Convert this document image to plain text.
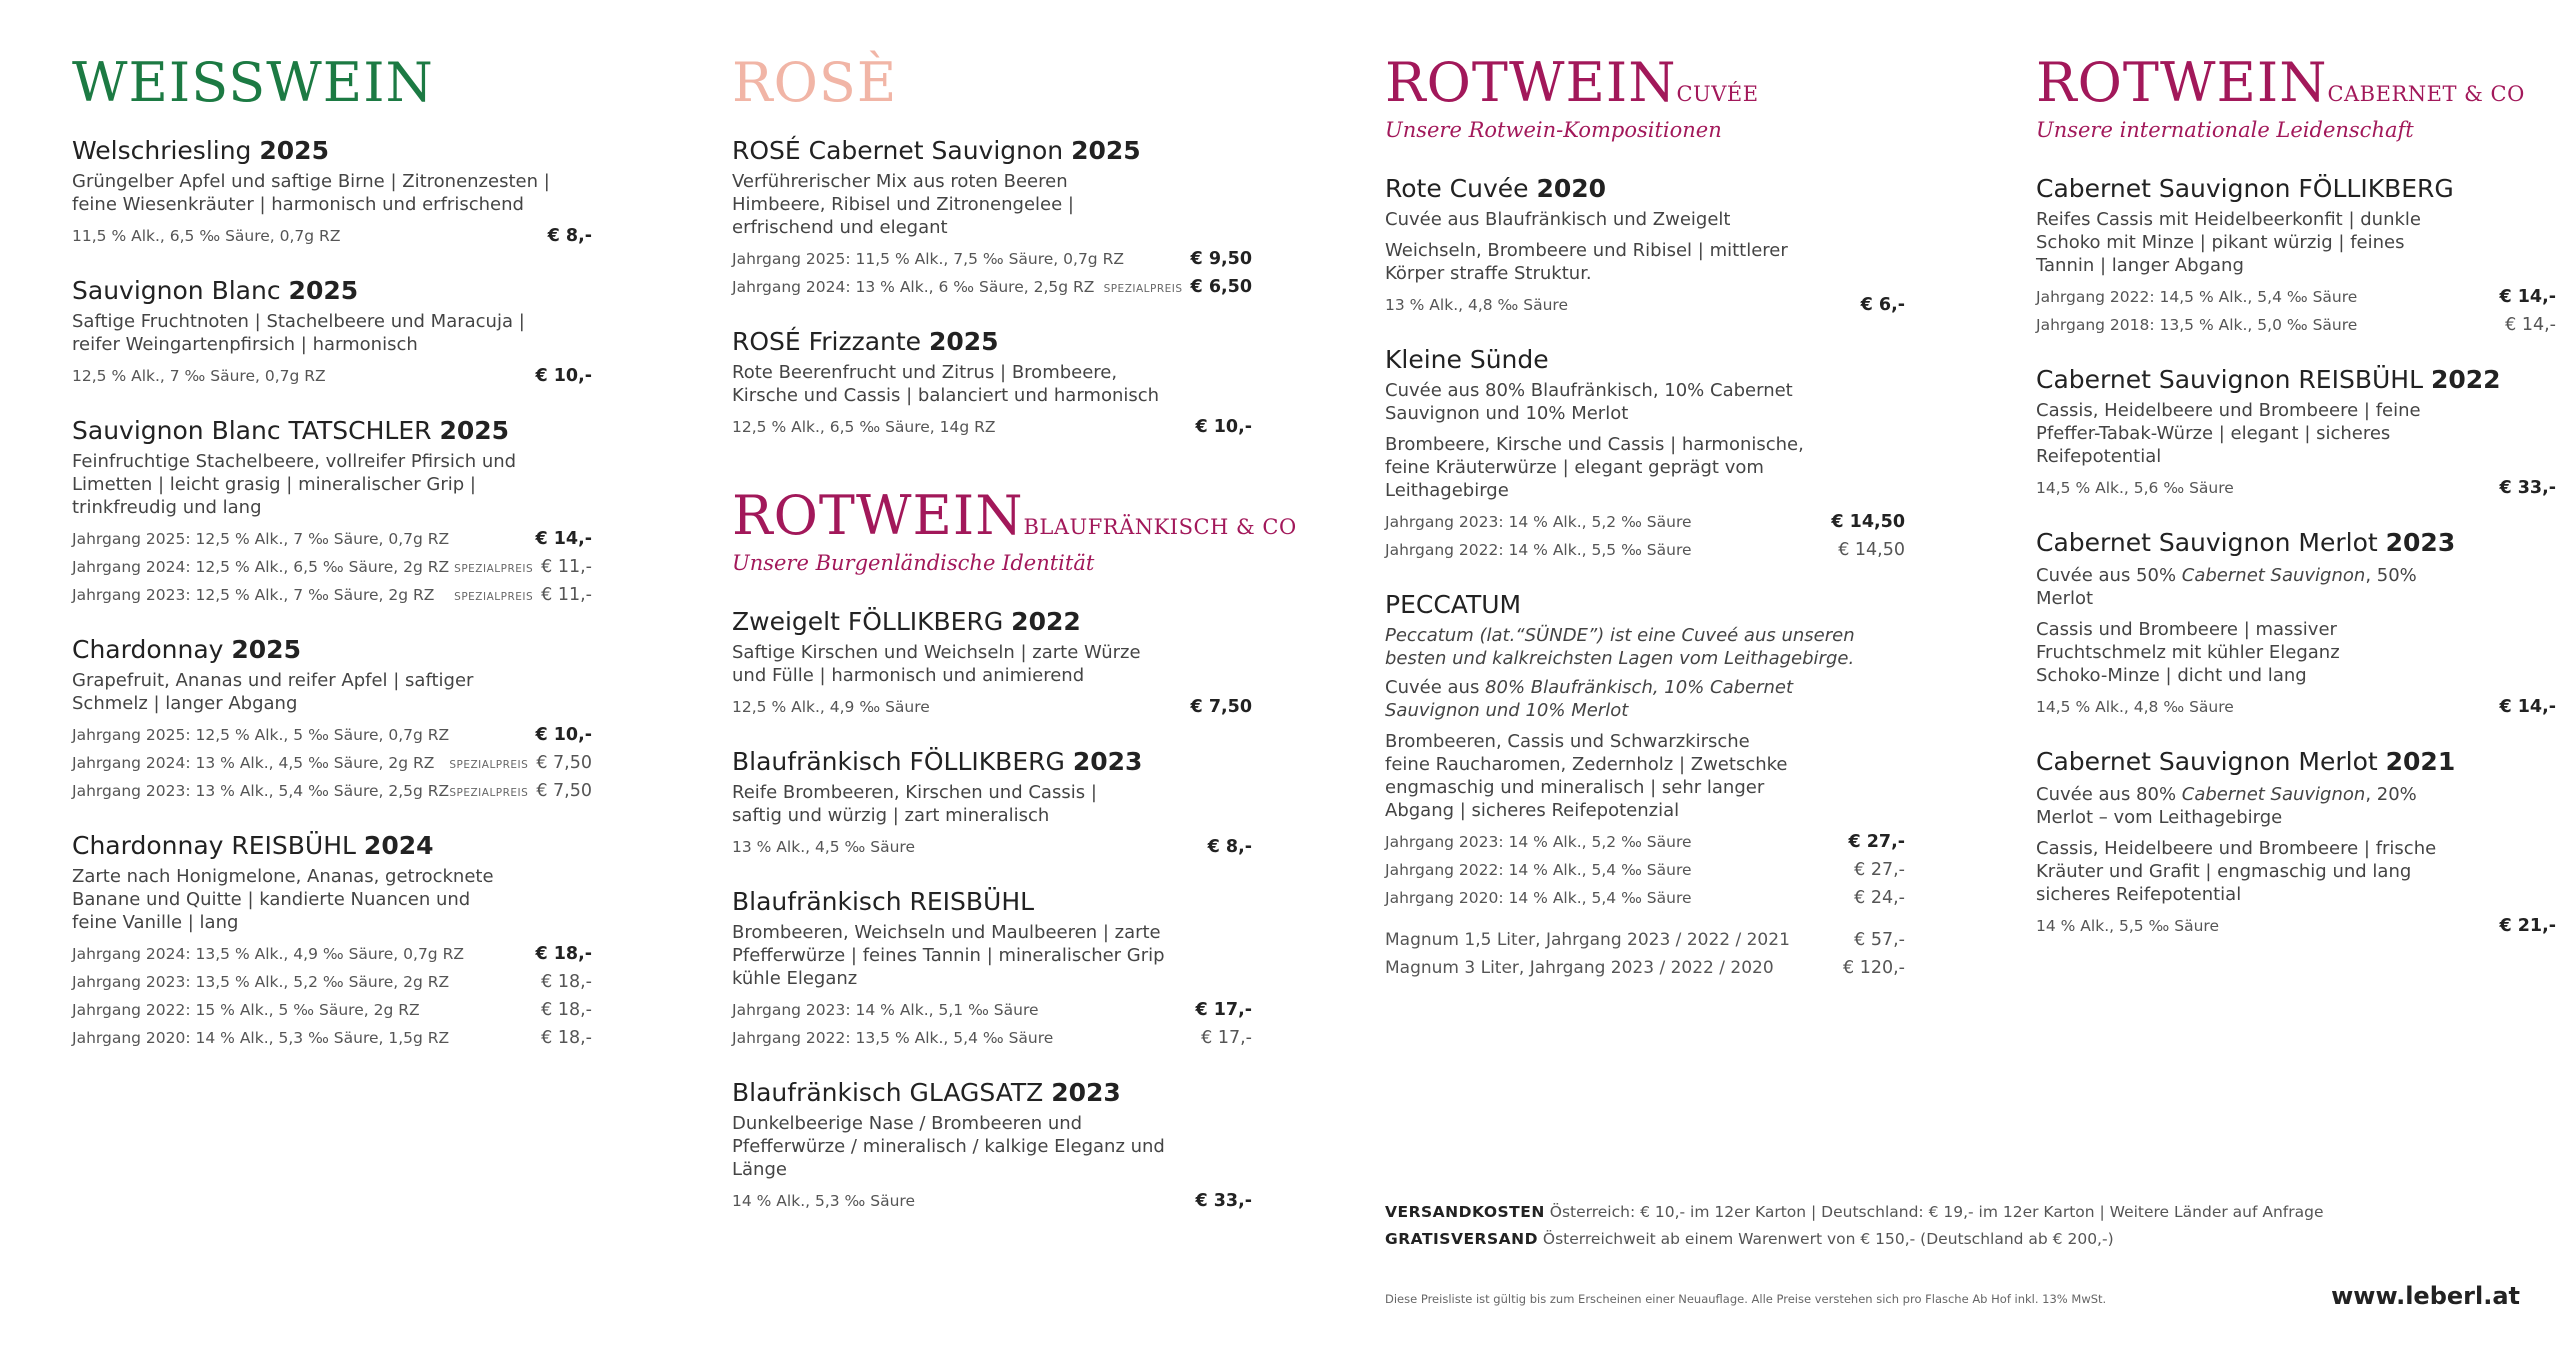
WEISSWEIN
Welschriesling 2025
Grüngelber Apfel und saftige Birne | Zitronenzesten |
feine Wiesenkräuter | harmonisch und erfrischend
11,5 % Alk., 6,5 ‰ Säure, 0,7g RZ	€ 8,-
Sauvignon Blanc 2025
Saftige Fruchtnoten | Stachelbeere und Maracuja |
reifer Weingartenpfirsich | harmonisch
12,5 % Alk., 7 ‰ Säure, 0,7g RZ	€ 10,-
Sauvignon Blanc TATSCHLER 2025
Feinfruchtige Stachelbeere, vollreifer Pfirsich und
Limetten | leicht grasig | mineralischer Grip |
trinkfreudig und lang
Jahrgang 2025: 12,5 % Alk., 7 ‰ Säure, 0,7g RZ	€ 14,-
Jahrgang 2024: 12,5 % Alk., 6,5 ‰ Säure, 2g RZ SPEZIALPREIS € 11,-
Jahrgang 2023: 12,5 % Alk., 7 ‰ Säure, 2g RZ SPEZIALPREIS € 11,-
Chardonnay 2025
Grapefruit, Ananas und reifer Apfel | saftiger
Schmelz | langer Abgang
Jahrgang 2025: 12,5 % Alk., 5 ‰ Säure, 0,7g RZ	€ 10,-
Jahrgang 2024: 13 % Alk., 4,5 ‰ Säure, 2g RZ SPEZIALPREIS € 7,50
Jahrgang 2023: 13 % Alk., 5,4 ‰ Säure, 2,5g RZ SPEZIALPREIS € 7,50
Chardonnay REISBÜHL 2024
Zarte nach Honigmelone, Ananas, getrocknete
Banane und Quitte | kandierte Nuancen und
feine Vanille | lang
Jahrgang 2024: 13,5 % Alk., 4,9 ‰ Säure, 0,7g RZ	€ 18,-
Jahrgang 2023: 13,5 % Alk., 5,2 ‰ Säure, 2g RZ	€ 18,-
Jahrgang 2022: 15 % Alk., 5 ‰ Säure, 2g RZ	€ 18,-
Jahrgang 2020: 14 % Alk., 5,3 ‰ Säure, 1,5g RZ	€ 18,-
ROSÈ
ROSÉ Cabernet Sauvignon 2025
Verführerischer Mix aus roten Beeren
Himbeere, Ribisel und Zitronengelee |
erfrischend und elegant
Jahrgang 2025: 11,5 % Alk., 7,5 ‰ Säure, 0,7g RZ	€ 9,50
Jahrgang 2024: 13 % Alk., 6 ‰ Säure, 2,5g RZ SPEZIALPREIS € 6,50
ROSÉ Frizzante 2025
Rote Beerenfrucht und Zitrus | Brombeere,
Kirsche und Cassis | balanciert und harmonisch
12,5 % Alk., 6,5 ‰ Säure, 14g RZ	€ 10,-
ROTWEINBLAUFRÄNKISCH & CO

Unsere Burgenländische Identität

Zweigelt FÖLLIKBERG 2022
Saftige Kirschen und Weichseln | zarte Würze
und Fülle | harmonisch und animierend
12,5 % Alk., 4,9 ‰ Säure	€ 7,50
Blaufränkisch FÖLLIKBERG 2023
Reife Brombeeren, Kirschen und Cassis |
saftig und würzig | zart mineralisch
13 % Alk., 4,5 ‰ Säure	€ 8,-
Blaufränkisch REISBÜHL
Brombeeren, Weichseln und Maulbeeren | zarte
Pfefferwürze | feines Tannin | mineralischer Grip
kühle Eleganz
Jahrgang 2023: 14 % Alk., 5,1 ‰ Säure	€ 17,-
Jahrgang 2022: 13,5 % Alk., 5,4 ‰ Säure	€ 17,-
Blaufränkisch GLAGSATZ 2023
Dunkelbeerige Nase / Brombeeren und
Pfefferwürze / mineralisch / kalkige Eleganz und
Länge
14 % Alk., 5,3 ‰ Säure	€ 33,-
ROTWEINCUVÉE

Unsere Rotwein-Kompositionen

Rote Cuvée 2020
Cuvée aus Blaufränkisch und Zweigelt
Weichseln, Brombeere und Ribisel | mittlerer
Körper straffe Struktur.
13 % Alk., 4,8 ‰ Säure	€ 6,-
Kleine Sünde
Cuvée aus 80% Blaufränkisch, 10% Cabernet
Sauvignon und 10% Merlot
Brombeere, Kirsche und Cassis | harmonische,
feine Kräuterwürze | elegant geprägt vom
Leithagebirge
Jahrgang 2023: 14 % Alk., 5,2 ‰ Säure	€ 14,50
Jahrgang 2022: 14 % Alk., 5,5 ‰ Säure	€ 14,50
PECCATUM
Peccatum (lat.“SÜNDE”) ist eine Cuveé aus unseren
besten und kalkreichsten Lagen vom Leithagebirge.
Cuvée aus 80% Blaufränkisch, 10% Cabernet
Sauvignon und 10% Merlot
Brombeeren, Cassis und Schwarzkirsche
feine Raucharomen, Zedernholz | Zwetschke
engmaschig und mineralisch | sehr langer
Abgang | sicheres Reifepotenzial
Jahrgang 2023: 14 % Alk., 5,2 ‰ Säure	€ 27,-
Jahrgang 2022: 14 % Alk., 5,4 ‰ Säure	€ 27,-
Jahrgang 2020: 14 % Alk., 5,4 ‰ Säure	€ 24,-
Magnum 1,5 Liter, Jahrgang 2023 / 2022 / 2021	€ 57,-
Magnum 3 Liter, Jahrgang 2023 / 2022 / 2020	€ 120,-
ROTWEINCABERNET & CO

Unsere internationale Leidenschaft

Cabernet Sauvignon FÖLLIKBERG
Reifes Cassis mit Heidelbeerkonfit | dunkle
Schoko mit Minze | pikant würzig | feines
Tannin | langer Abgang
Jahrgang 2022: 14,5 % Alk., 5,4 ‰ Säure	€ 14,-
Jahrgang 2018: 13,5 % Alk., 5,0 ‰ Säure	€ 14,-
Cabernet Sauvignon REISBÜHL 2022
Cassis, Heidelbeere und Brombeere | feine
Pfeffer-Tabak-Würze | elegant | sicheres
Reifepotential
14,5 % Alk., 5,6 ‰ Säure	€ 33,-
Cabernet Sauvignon Merlot 2023
Cuvée aus 50% Cabernet Sauvignon, 50%
Merlot
Cassis und Brombeere | massiver
Fruchtschmelz mit kühler Eleganz
Schoko-Minze | dicht und lang
14,5 % Alk., 4,8 ‰ Säure	€ 14,-
Cabernet Sauvignon Merlot 2021
Cuvée aus 80% Cabernet Sauvignon, 20%
Merlot – vom Leithagebirge
Cassis, Heidelbeere und Brombeere | frische
Kräuter und Grafit | engmaschig und lang
sicheres Reifepotential
14 % Alk., 5,5 ‰ Säure	€ 21,-
VERSANDKOSTEN Österreich: € 10,- im 12er Karton | Deutschland: € 19,- im 12er Karton | Weitere Länder auf Anfrage
GRATISVERSAND Österreichweit ab einem Warenwert von € 150,- (Deutschland ab € 200,-)
Diese Preisliste ist gültig bis zum Erscheinen einer Neuauflage. Alle Preise verstehen sich pro Flasche Ab Hof inkl. 13% MwSt.	www.leberl.at
